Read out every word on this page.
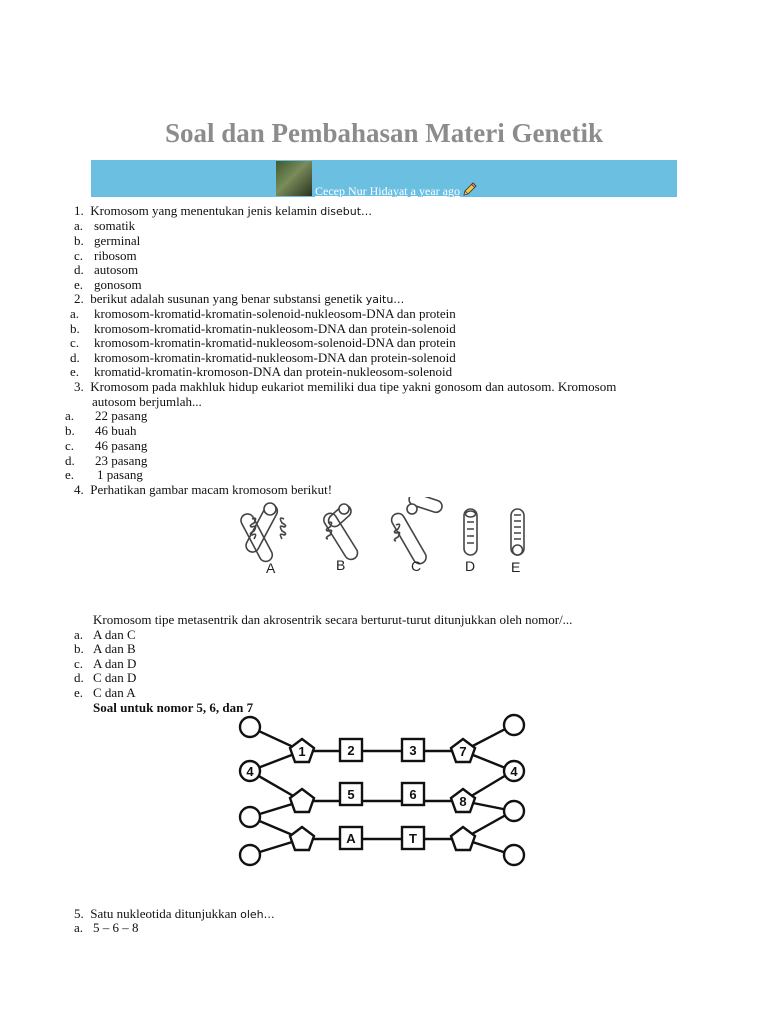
Soal dan Pembahasan Materi Genetik
Cecep Nur Hidayat a year ago
1. Kromosom yang menentukan jenis kelamin disebut…
a. somatik
b. germinal
c. ribosom
d. autosom
e. gonosom
2. berikut adalah susunan yang benar substansi genetik yaitu…
a. kromosom-kromatid-kromatin-solenoid-nukleosom-DNA dan protein
b. kromosom-kromatid-kromatin-nukleosom-DNA dan protein-solenoid
c. kromosom-kromatin-kromatid-nukleosom-solenoid-DNA dan protein
d. kromosom-kromatin-kromatid-nukleosom-DNA dan protein-solenoid
e. kromatid-kromatin-kromoson-DNA dan protein-nukleosom-solenoid
3. Kromosom pada makhluk hidup eukariot memiliki dua tipe yakni gonosom dan autosom. Kromosom
autosom berjumlah...
a. 22 pasang
b. 46 buah
c. 46 pasang
d. 23 pasang
e. 1 pasang
4. Perhatikan gambar macam kromosom berikut!
A	B	C	D	E
Kromosom tipe metasentrik dan akrosentrik secara berturut-turut ditunjukkan oleh nomor/...
a. A dan C
b. A dan B
c. A dan D
d. C dan D
e. C dan A
Soal untuk nomor 5, 6, dan 7
1	2	3	7
4	4
5	6	8
A	T
5. Satu nukleotida ditunjukkan oleh…
a. 5 – 6 – 8
